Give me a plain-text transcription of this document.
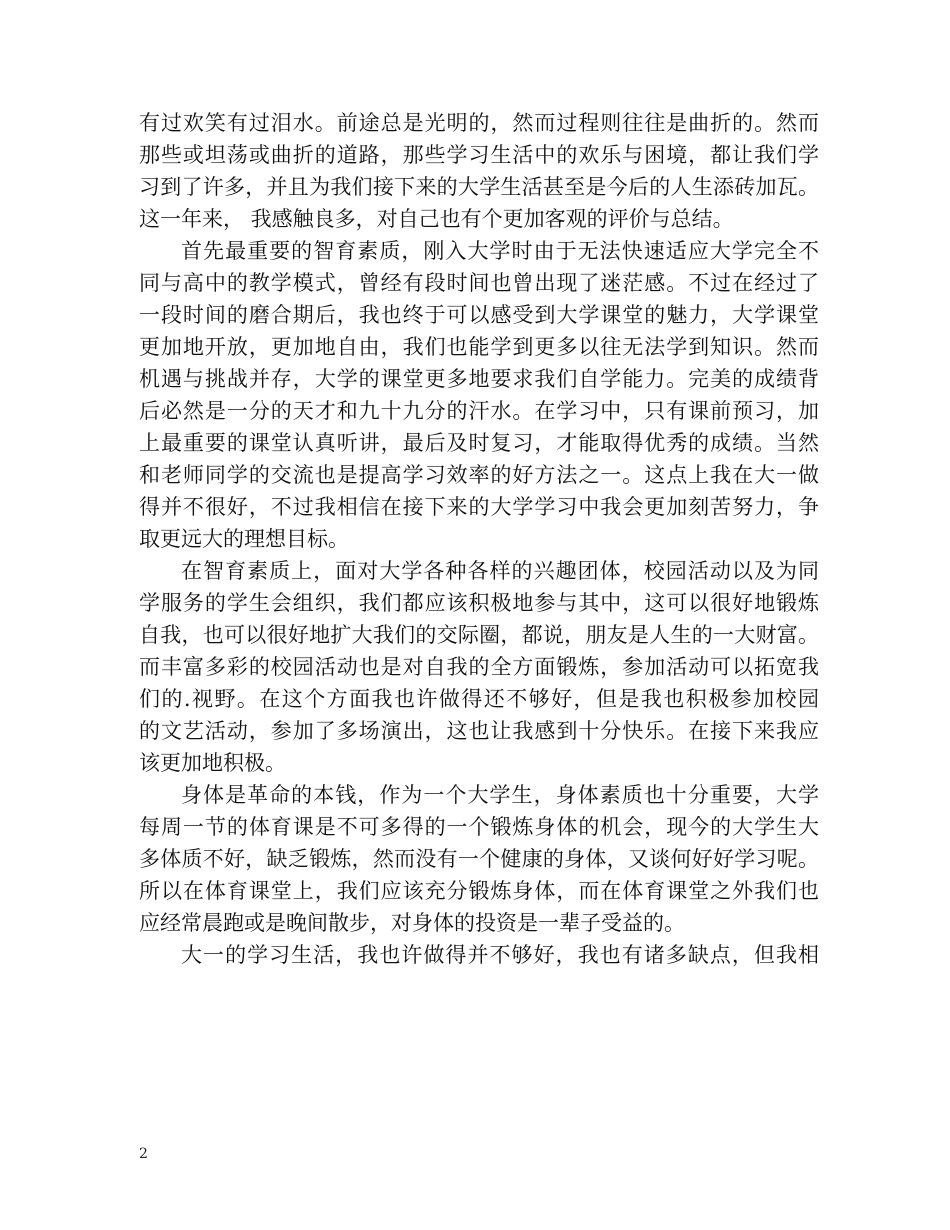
有过欢笑有过泪水。前途总是光明的，然而过程则往往是曲折的。然而
那些或坦荡或曲折的道路，那些学习生活中的欢乐与困境，都让我们学
习到了许多，并且为我们接下来的大学生活甚至是今后的人生添砖加瓦。
这一年来， 我感触良多，对自己也有个更加客观的评价与总结。
首先最重要的智育素质，刚入大学时由于无法快速适应大学完全不
同与高中的教学模式，曾经有段时间也曾出现了迷茫感。不过在经过了
一段时间的磨合期后，我也终于可以感受到大学课堂的魅力，大学课堂
更加地开放，更加地自由，我们也能学到更多以往无法学到知识。然而
机遇与挑战并存，大学的课堂更多地要求我们自学能力。完美的成绩背
后必然是一分的天才和九十九分的汗水。在学习中，只有课前预习，加
上最重要的课堂认真听讲，最后及时复习，才能取得优秀的成绩。当然
和老师同学的交流也是提高学习效率的好方法之一。这点上我在大一做
得并不很好，不过我相信在接下来的大学学习中我会更加刻苦努力，争
取更远大的理想目标。
在智育素质上，面对大学各种各样的兴趣团体，校园活动以及为同
学服务的学生会组织，我们都应该积极地参与其中，这可以很好地锻炼
自我，也可以很好地扩大我们的交际圈，都说，朋友是人生的一大财富。
而丰富多彩的校园活动也是对自我的全方面锻炼，参加活动可以拓宽我
们的.视野。在这个方面我也许做得还不够好，但是我也积极参加校园
的文艺活动，参加了多场演出，这也让我感到十分快乐。在接下来我应
该更加地积极。
身体是革命的本钱，作为一个大学生，身体素质也十分重要，大学
每周一节的体育课是不可多得的一个锻炼身体的机会，现今的大学生大
多体质不好，缺乏锻炼，然而没有一个健康的身体，又谈何好好学习呢。
所以在体育课堂上，我们应该充分锻炼身体，而在体育课堂之外我们也
应经常晨跑或是晚间散步，对身体的投资是一辈子受益的。
大一的学习生活，我也许做得并不够好，我也有诸多缺点，但我相
2
